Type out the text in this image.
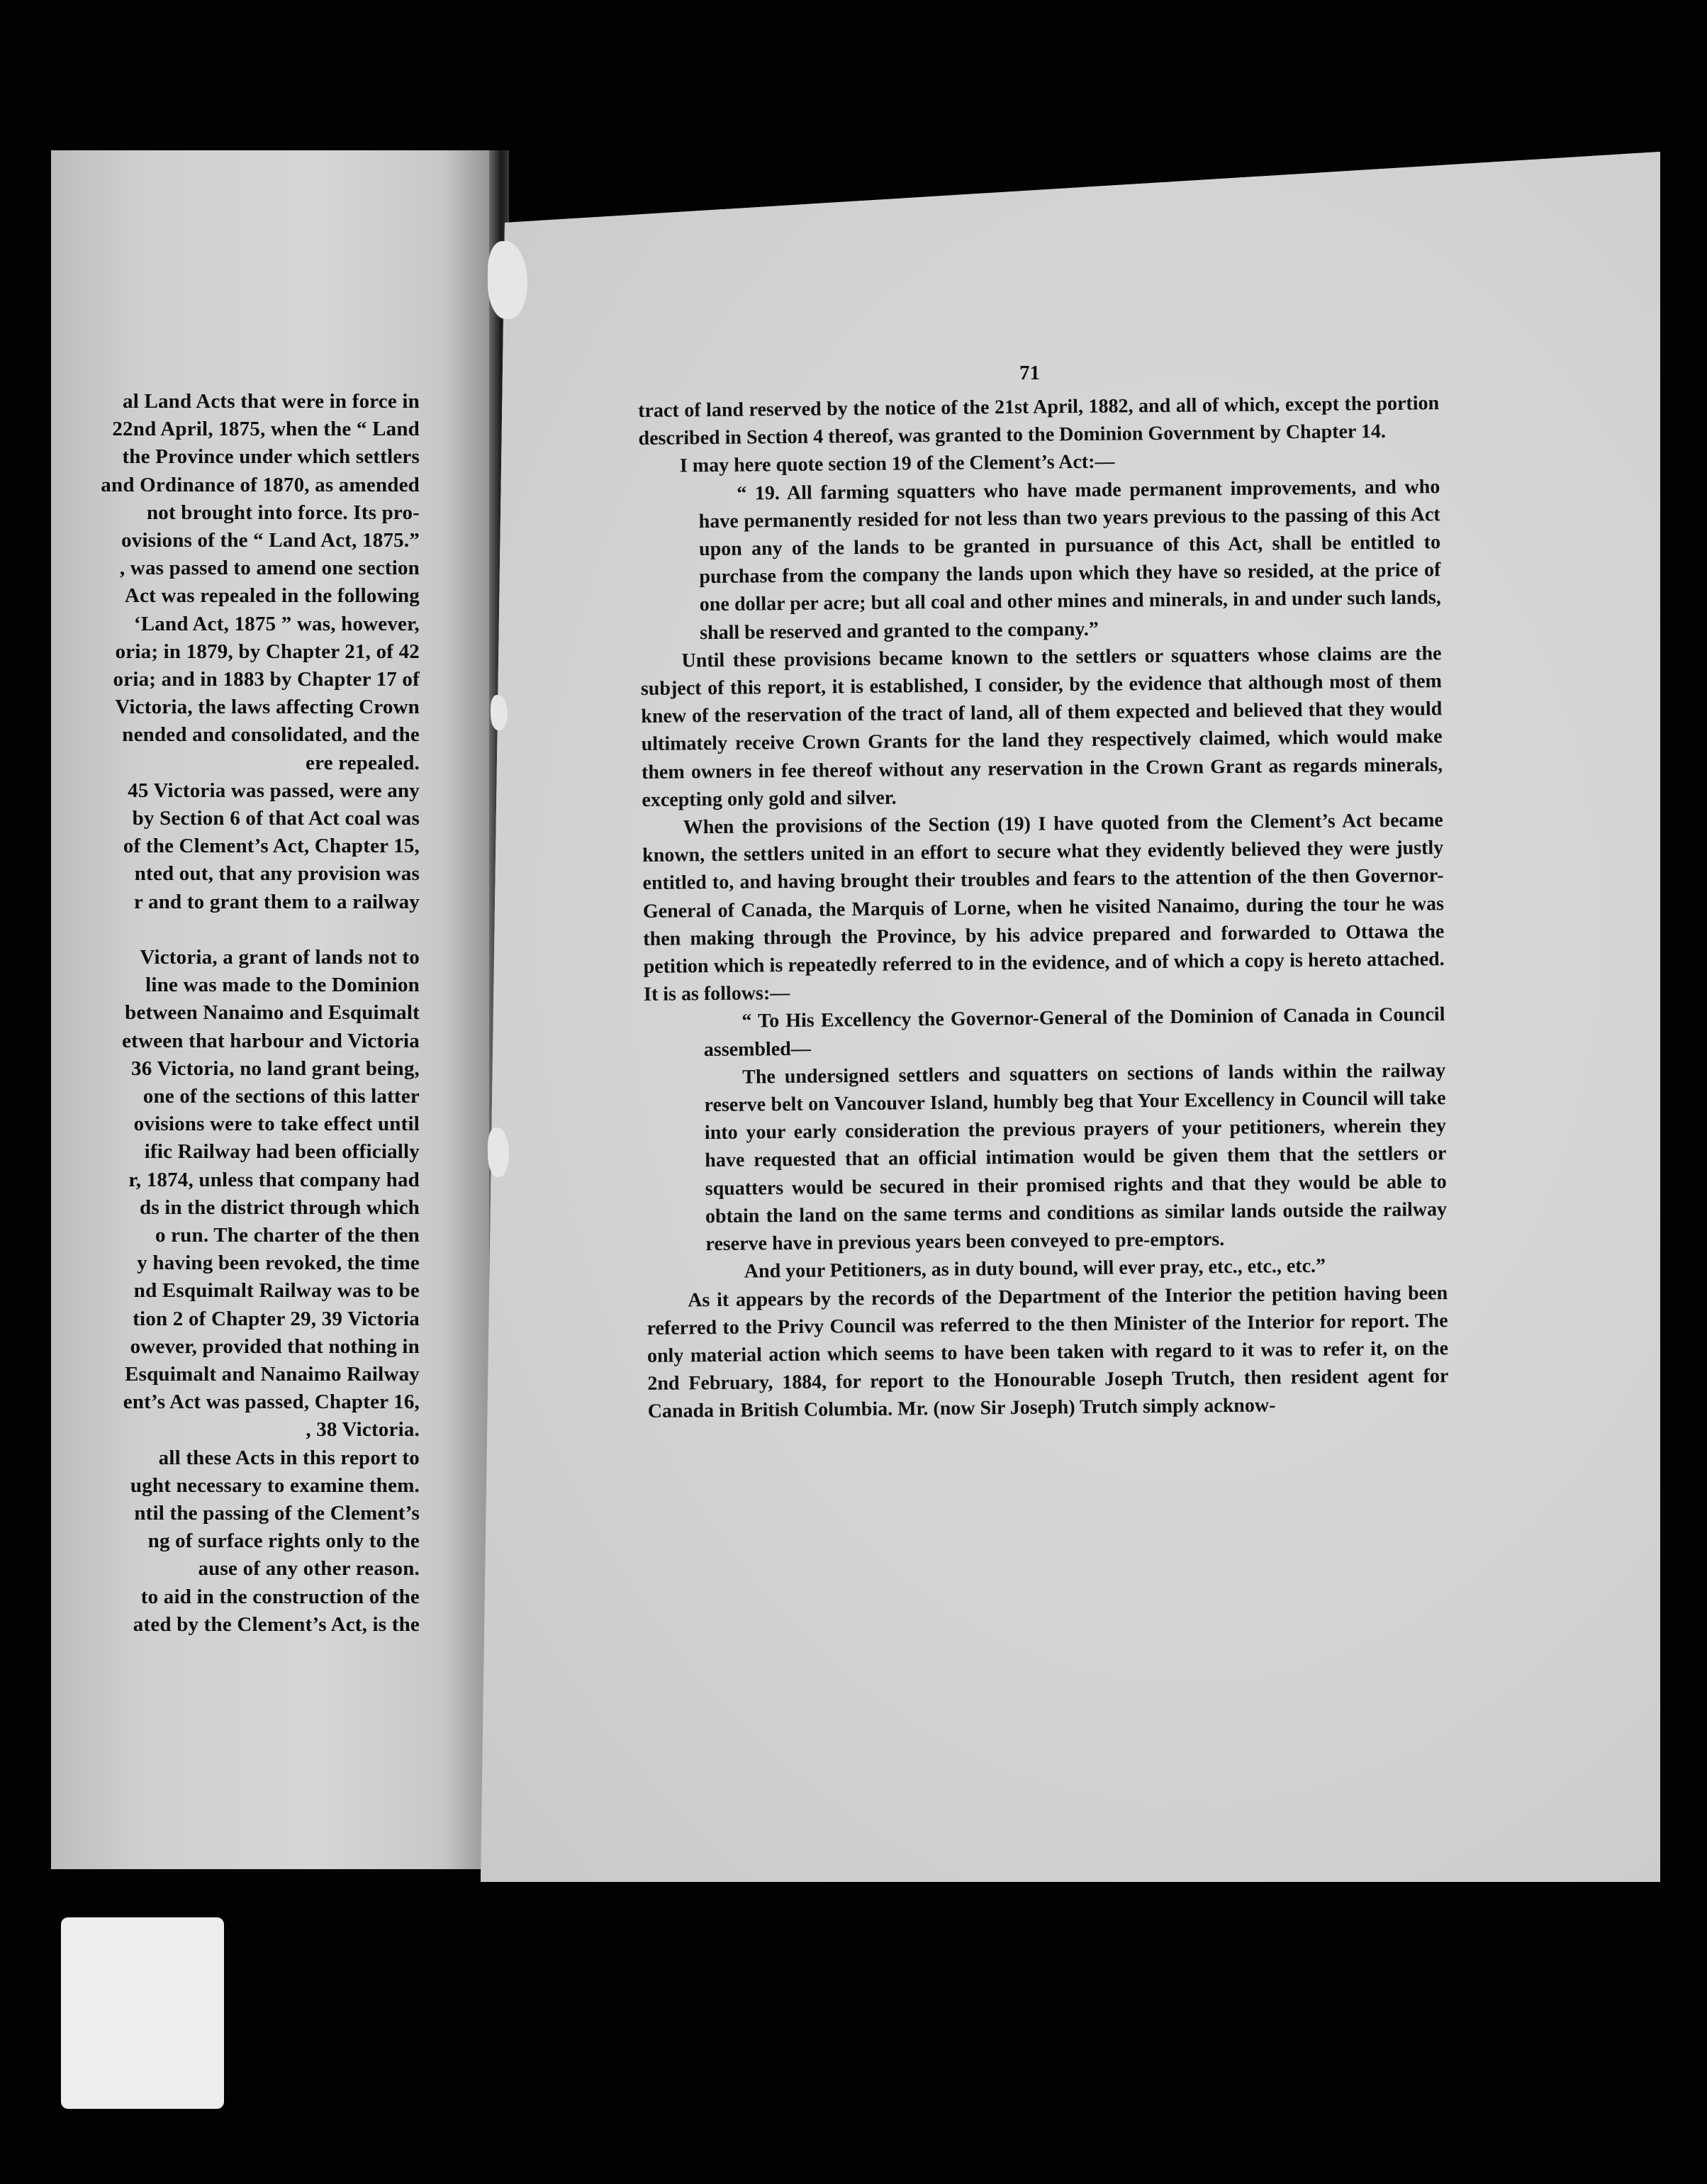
al Land Acts that were in force in
22nd April, 1875, when the “ Land
the Province under which settlers
and Ordinance of 1870, as amended
not brought into force. Its pro-
ovisions of the “ Land Act, 1875.”
, was passed to amend one section
Act was repealed in the following
‘Land Act, 1875 ” was, however,
oria; in 1879, by Chapter 21, of 42
oria; and in 1883 by Chapter 17 of
Victoria, the laws affecting Crown
nended and consolidated, and the
ere repealed.
45 Victoria was passed, were any
by Section 6 of that Act coal was
of the Clement’s Act, Chapter 15,
nted out, that any provision was
r and to grant them to a railway
Victoria, a grant of lands not to
line was made to the Dominion
between Nanaimo and Esquimalt
etween that harbour and Victoria
36 Victoria, no land grant being,
one of the sections of this latter
ovisions were to take effect until
ific Railway had been officially
r, 1874, unless that company had
ds in the district through which
o run. The charter of the then
y having been revoked, the time
nd Esquimalt Railway was to be
tion 2 of Chapter 29, 39 Victoria
owever, provided that nothing in
Esquimalt and Nanaimo Railway
ent’s Act was passed, Chapter 16,
, 38 Victoria.
all these Acts in this report to
ught necessary to examine them.
ntil the passing of the Clement’s
ng of surface rights only to the
ause of any other reason.
to aid in the construction of the
ated by the Clement’s Act, is the
71

tract of land reserved by the notice of the 21st April, 1882, and all of which, except the portion described in Section 4 thereof, was granted to the Dominion Government by Chapter 14.

I may here quote section 19 of the Clement’s Act:—

“ 19. All farming squatters who have made permanent improvements, and who have permanently resided for not less than two years previous to the passing of this Act upon any of the lands to be granted in pursuance of this Act, shall be entitled to purchase from the company the lands upon which they have so resided, at the price of one dollar per acre; but all coal and other mines and minerals, in and under such lands, shall be reserved and granted to the company.”

Until these provisions became known to the settlers or squatters whose claims are the subject of this report, it is established, I consider, by the evidence that although most of them knew of the reservation of the tract of land, all of them expected and believed that they would ultimately receive Crown Grants for the land they respectively claimed, which would make them owners in fee thereof without any reservation in the Crown Grant as regards minerals, excepting only gold and silver.

When the provisions of the Section (19) I have quoted from the Clement’s Act became known, the settlers united in an effort to secure what they evidently believed they were justly entitled to, and having brought their troubles and fears to the attention of the then Governor-General of Canada, the Marquis of Lorne, when he visited Nanaimo, during the tour he was then making through the Province, by his advice prepared and forwarded to Ottawa the petition which is repeatedly referred to in the evidence, and of which a copy is hereto attached. It is as follows:—

“ To His Excellency the Governor-General of the Dominion of Canada in Council assembled—

The undersigned settlers and squatters on sections of lands within the railway reserve belt on Vancouver Island, humbly beg that Your Excellency in Council will take into your early consideration the previous prayers of your petitioners, wherein they have requested that an official intimation would be given them that the settlers or squatters would be secured in their promised rights and that they would be able to obtain the land on the same terms and conditions as similar lands outside the railway reserve have in previous years been conveyed to pre-emptors.

And your Petitioners, as in duty bound, will ever pray, etc., etc., etc.”

As it appears by the records of the Department of the Interior the petition having been referred to the Privy Council was referred to the then Minister of the Interior for report. The only material action which seems to have been taken with regard to it was to refer it, on the 2nd February, 1884, for report to the Honourable Joseph Trutch, then resident agent for Canada in British Columbia. Mr. (now Sir Joseph) Trutch simply acknow-
